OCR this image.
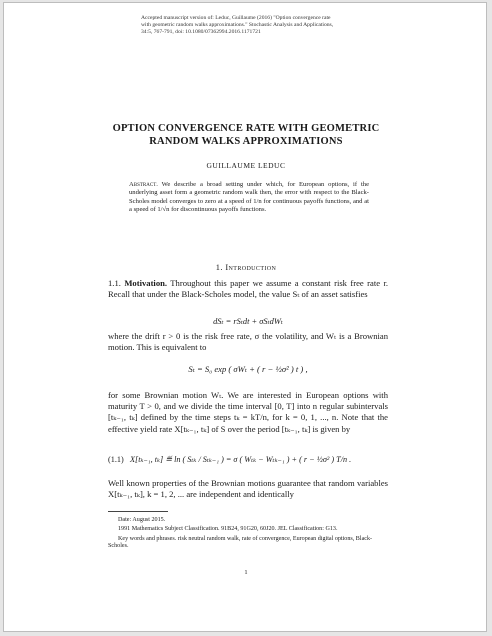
Accepted manuscript version of: Leduc, Guillaume (2016) "Option convergence rate
with geometric random walks approximations." Stochastic Analysis and Applications,
34:5, 767-791, doi: 10.1080/07362994.2016.1171721
OPTION CONVERGENCE RATE WITH GEOMETRIC
RANDOM WALKS APPROXIMATIONS
GUILLAUME LEDUC
Abstract. We describe a broad setting under which, for European options, if the underlying asset form a geometric random walk then, the error with respect to the Black-Scholes model converges to zero at a speed of 1/n for continuous payoffs functions, and at a speed of 1/√n for discontinuous payoffs functions.
1. Introduction
1.1. Motivation. Throughout this paper we assume a constant risk free rate r. Recall that under the Black-Scholes model, the value Sₜ of an asset satisfies
dSₜ = rSₜdt + σSₜdWₜ
where the drift r > 0 is the risk free rate, σ the volatility, and Wₜ is a Brownian motion. This is equivalent to
Sₜ = S₀ exp ( σWₜ + ( r − ½σ² ) t ) ,
for some Brownian motion Wₜ. We are interested in European options with maturity T > 0, and we divide the time interval [0, T] into n regular subintervals [tₖ₋₁, tₖ] defined by the time steps tₖ = kT/n, for k = 0, 1, ..., n. Note that the effective yield rate X[tₖ₋₁, tₖ] of S over the period [tₖ₋₁, tₖ] is given by
(1.1) X[tₖ₋₁, tₖ] ≝ ln ( Sₜₖ / Sₜₖ₋₁ ) = σ ( Wₜₖ − Wₜₖ₋₁ ) + ( r − ½σ² ) T/n .
Well known properties of the Brownian motions guarantee that random variables X[tₖ₋₁, tₖ], k = 1, 2, ... are independent and identically

Date: August 2015.

1991 Mathematics Subject Classification. 91B24, 91G20, 60J20. JEL Classification: G13.

Key words and phrases. risk neutral random walk, rate of convergence, European digital options, Black-Scholes.

1
